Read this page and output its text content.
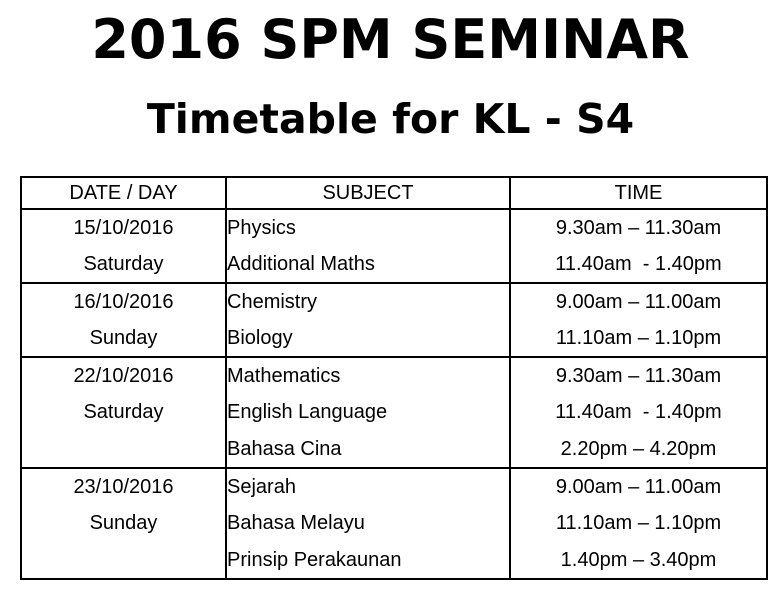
2016 SPM SEMINAR
Timetable for KL - S4
DATE / DAY	SUBJECT	TIME
15/10/2016	Physics	9.30am – 11.30am
Saturday	Additional Maths	11.40am  - 1.40pm
16/10/2016	Chemistry	9.00am – 11.00am
Sunday	Biology	11.10am – 1.10pm
22/10/2016	Mathematics	9.30am – 11.30am
Saturday	English Language	11.40am  - 1.40pm
	Bahasa Cina	2.20pm – 4.20pm
23/10/2016	Sejarah	9.00am – 11.00am
Sunday	Bahasa Melayu	11.10am – 1.10pm
	Prinsip Perakaunan	1.40pm – 3.40pm
